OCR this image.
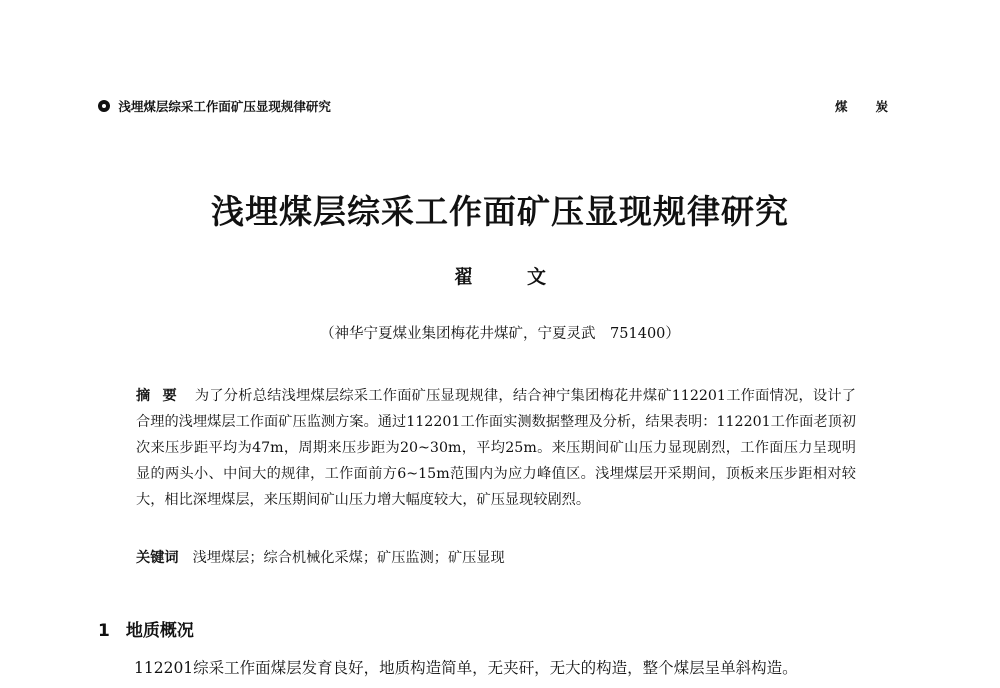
浅埋煤层综采工作面矿压显现规律研究	煤炭
浅埋煤层综采工作面矿压显现规律研究
翟文
（神华宁夏煤业集团梅花井煤矿，宁夏灵武　751400）
摘要 为了分析总结浅埋煤层综采工作面矿压显现规律，结合神宁集团梅花井煤矿112201工作面情况，设计了合理的浅埋煤层工作面矿压监测方案。通过112201工作面实测数据整理及分析，结果表明：112201工作面老顶初次来压步距平均为47m，周期来压步距为20~30m，平均25m。来压期间矿山压力显现剧烈，工作面压力呈现明显的两头小、中间大的规律，工作面前方6~15m范围内为应力峰值区。浅埋煤层开采期间，顶板来压步距相对较大，相比深埋煤层，来压期间矿山压力增大幅度较大，矿压显现较剧烈。
关键词 浅埋煤层；综合机械化采煤；矿压监测；矿压显现
1 地质概况
112201综采工作面煤层发育良好，地质构造简单，无夹矸，无大的构造，整个煤层呈单斜构造。
